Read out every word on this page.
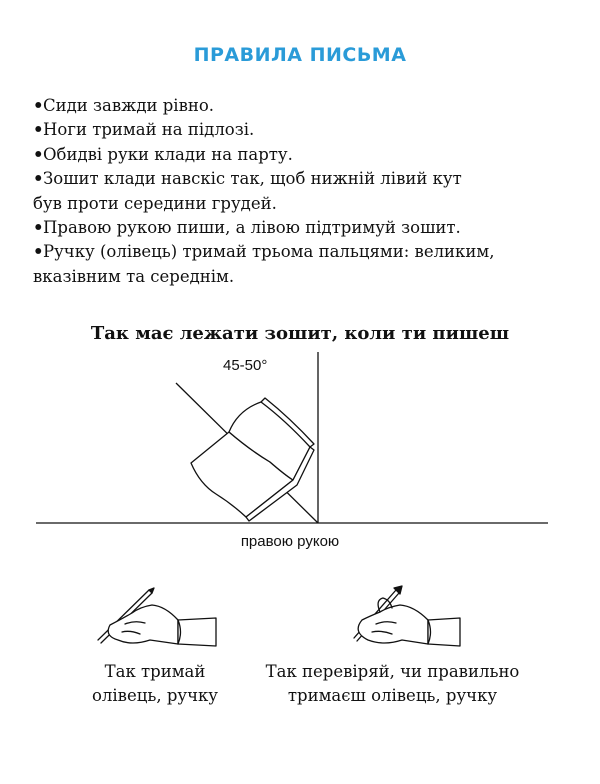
ПРАВИЛА ПИСЬМА
•Сиди завжди рівно.
•Ноги тримай на підлозі.
•Обидві руки клади на парту.
•Зошит клади навскіс так, щоб нижній лівий кут
був проти середини грудей.
•Правою рукою пиши, а лівою підтримуй зошит.
•Ручку (олівець) тримай трьома пальцями: великим,
вказівним та середнім.
Так має лежати зошит, коли ти пишеш
45-50°
правою рукою
Так тримай
олівець, ручку
Так перевіряй, чи правильно
тримаєш олівець, ручку
